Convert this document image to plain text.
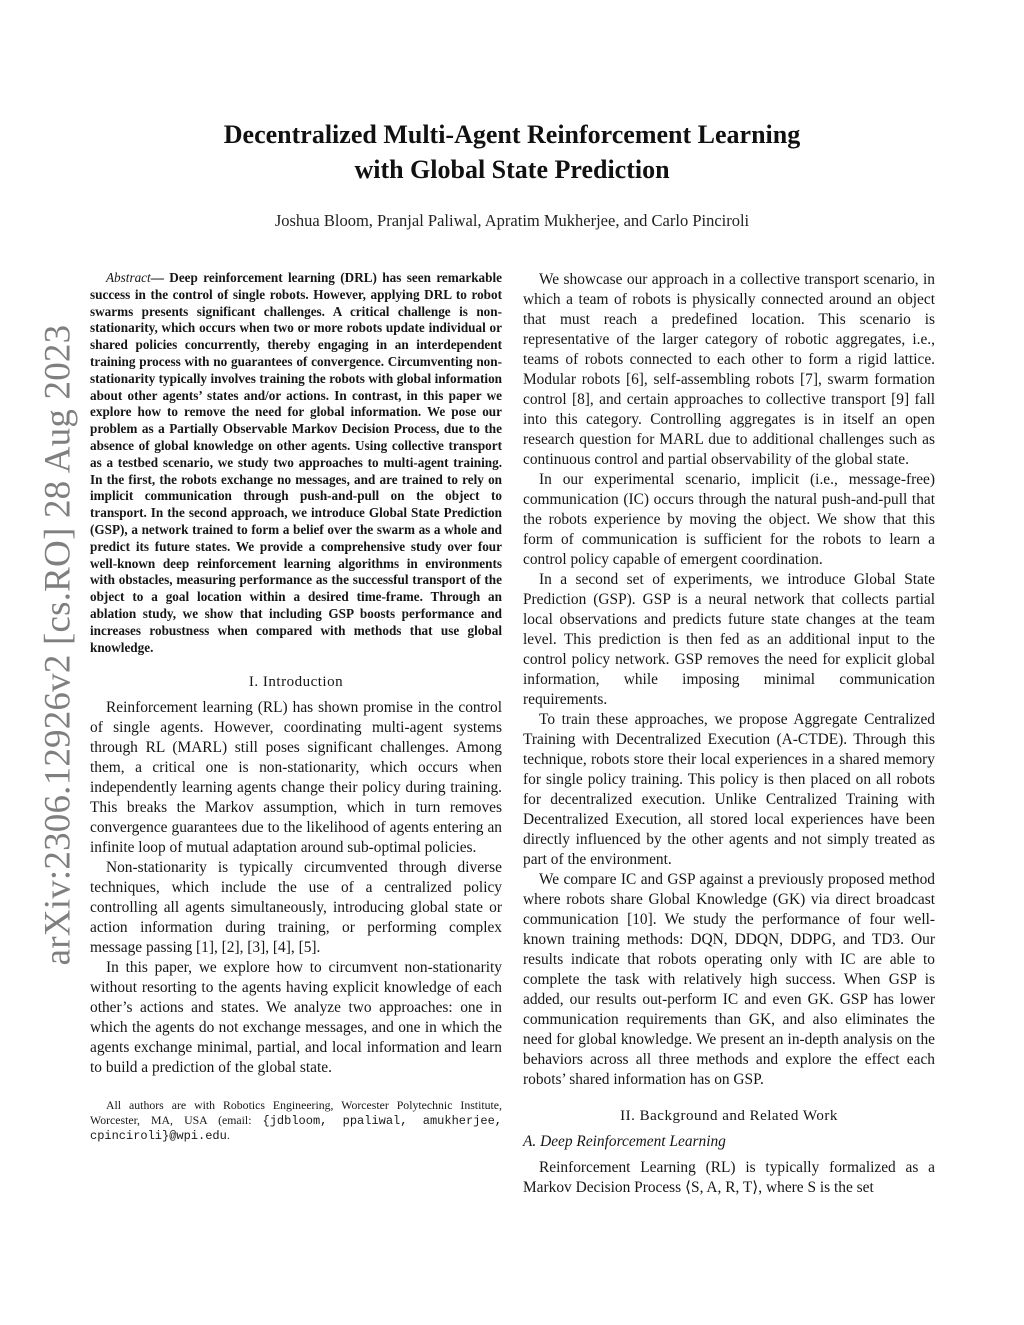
arXiv:2306.12926v2 [cs.RO] 28 Aug 2023
Decentralized Multi-Agent Reinforcement Learning
with Global State Prediction
Joshua Bloom, Pranjal Paliwal, Apratim Mukherjee, and Carlo Pinciroli

Abstract— Deep reinforcement learning (DRL) has seen remarkable success in the control of single robots. However, applying DRL to robot swarms presents significant challenges. A critical challenge is non-stationarity, which occurs when two or more robots update individual or shared policies concurrently, thereby engaging in an interdependent training process with no guarantees of convergence. Circumventing non-stationarity typically involves training the robots with global information about other agents’ states and/or actions. In contrast, in this paper we explore how to remove the need for global information. We pose our problem as a Partially Observable Markov Decision Process, due to the absence of global knowledge on other agents. Using collective transport as a testbed scenario, we study two approaches to multi-agent training. In the first, the robots exchange no messages, and are trained to rely on implicit communication through push-and-pull on the object to transport. In the second approach, we introduce Global State Prediction (GSP), a network trained to form a belief over the swarm as a whole and predict its future states. We provide a comprehensive study over four well-known deep reinforcement learning algorithms in environments with obstacles, measuring performance as the successful transport of the object to a goal location within a desired time-frame. Through an ablation study, we show that including GSP boosts performance and increases robustness when compared with methods that use global knowledge.

I. Introduction

Reinforcement learning (RL) has shown promise in the control of single agents. However, coordinating multi-agent systems through RL (MARL) still poses significant challenges. Among them, a critical one is non-stationarity, which occurs when independently learning agents change their policy during training. This breaks the Markov assumption, which in turn removes convergence guarantees due to the likelihood of agents entering an infinite loop of mutual adaptation around sub-optimal policies.

Non-stationarity is typically circumvented through diverse techniques, which include the use of a centralized policy controlling all agents simultaneously, introducing global state or action information during training, or performing complex message passing [1], [2], [3], [4], [5].

In this paper, we explore how to circumvent non-stationarity without resorting to the agents having explicit knowledge of each other’s actions and states. We analyze two approaches: one in which the agents do not exchange messages, and one in which the agents exchange minimal, partial, and local information and learn to build a prediction of the global state.

All authors are with Robotics Engineering, Worcester Polytechnic Institute, Worcester, MA, USA (email: {jdbloom, ppaliwal, amukherjee, cpinciroli}@wpi.edu.

We showcase our approach in a collective transport scenario, in which a team of robots is physically connected around an object that must reach a predefined location. This scenario is representative of the larger category of robotic aggregates, i.e., teams of robots connected to each other to form a rigid lattice. Modular robots [6], self-assembling robots [7], swarm formation control [8], and certain approaches to collective transport [9] fall into this category. Controlling aggregates is in itself an open research question for MARL due to additional challenges such as continuous control and partial observability of the global state.

In our experimental scenario, implicit (i.e., message-free) communication (IC) occurs through the natural push-and-pull that the robots experience by moving the object. We show that this form of communication is sufficient for the robots to learn a control policy capable of emergent coordination.

In a second set of experiments, we introduce Global State Prediction (GSP). GSP is a neural network that collects partial local observations and predicts future state changes at the team level. This prediction is then fed as an additional input to the control policy network. GSP removes the need for explicit global information, while imposing minimal communication requirements.

To train these approaches, we propose Aggregate Centralized Training with Decentralized Execution (A-CTDE). Through this technique, robots store their local experiences in a shared memory for single policy training. This policy is then placed on all robots for decentralized execution. Unlike Centralized Training with Decentralized Execution, all stored local experiences have been directly influenced by the other agents and not simply treated as part of the environment.

We compare IC and GSP against a previously proposed method where robots share Global Knowledge (GK) via direct broadcast communication [10]. We study the performance of four well-known training methods: DQN, DDQN, DDPG, and TD3. Our results indicate that robots operating only with IC are able to complete the task with relatively high success. When GSP is added, our results out-perform IC and even GK. GSP has lower communication requirements than GK, and also eliminates the need for global knowledge. We present an in-depth analysis on the behaviors across all three methods and explore the effect each robots’ shared information has on GSP.

II. Background and Related Work
A. Deep Reinforcement Learning

Reinforcement Learning (RL) is typically formalized as a Markov Decision Process ⟨S, A, R, T⟩, where S is the set
